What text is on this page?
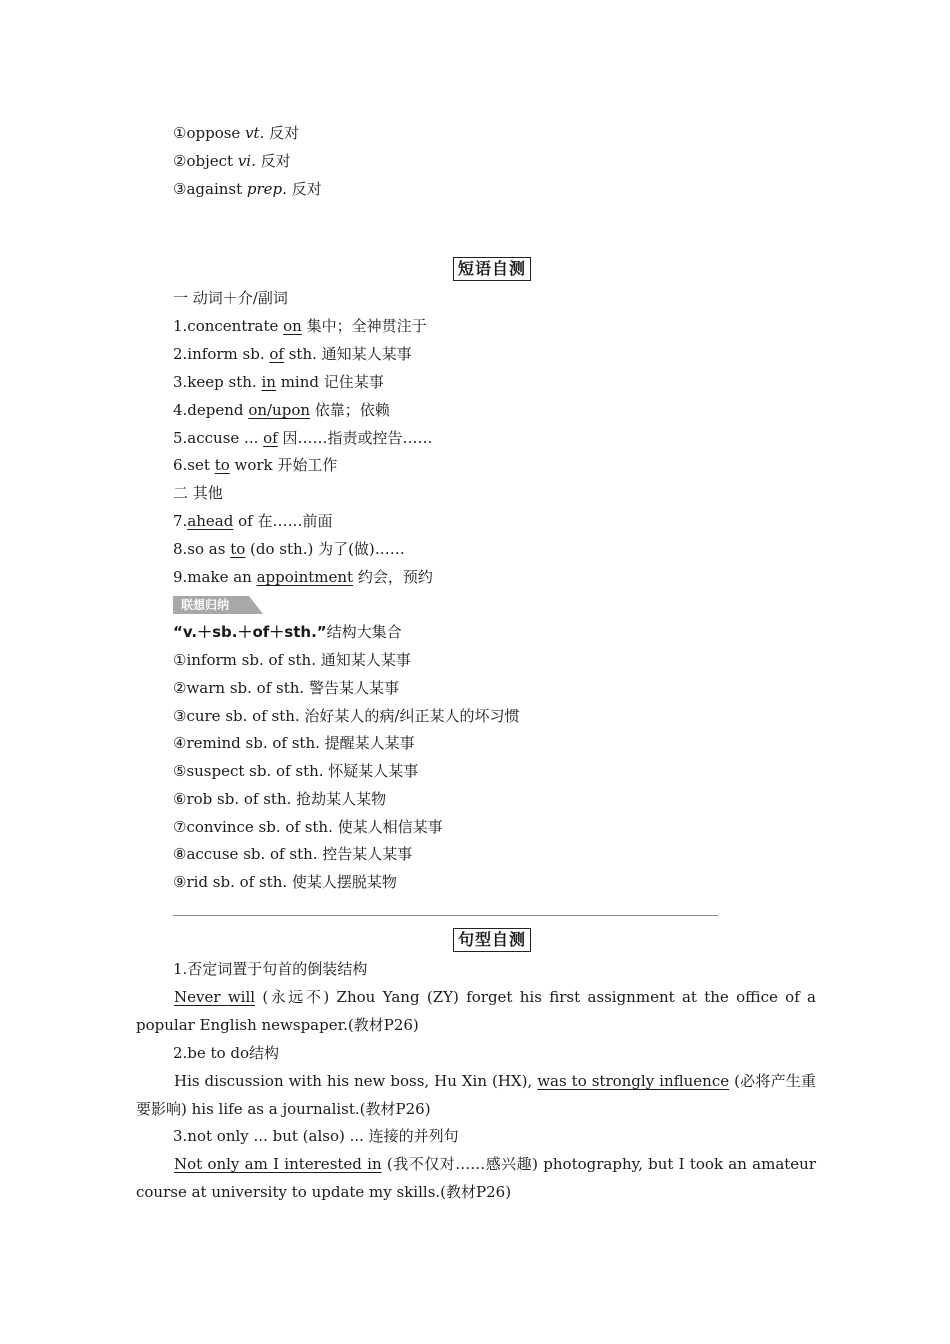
①oppose vt. 反对
②object vi. 反对
③against prep. 反对
短语自测
一 动词＋介/副词
1.concentrate on 集中；全神贯注于
2.inform sb. of sth. 通知某人某事
3.keep sth. in mind 记住某事
4.depend on/upon 依靠；依赖
5.accuse ... of 因……指责或控告……
6.set to work 开始工作
二 其他
7.ahead of 在……前面
8.so as to (do sth.) 为了(做)……
9.make an appointment 约会，预约
联想归纳
“v.＋sb.＋of＋sth.”结构大集合
①inform sb. of sth. 通知某人某事
②warn sb. of sth. 警告某人某事
③cure sb. of sth. 治好某人的病/纠正某人的坏习惯
④remind sb. of sth. 提醒某人某事
⑤suspect sb. of sth. 怀疑某人某事
⑥rob sb. of sth. 抢劫某人某物
⑦convince sb. of sth. 使某人相信某事
⑧accuse sb. of sth. 控告某人某事
⑨rid sb. of sth. 使某人摆脱某物
句型自测
1.否定词置于句首的倒装结构
Never will (永远不) Zhou Yang (ZY) forget his first assignment at the office of a popular English newspaper.(教材P26)
2.be to do结构
His discussion with his new boss, Hu Xin (HX), was to strongly influence (必将产生重要影响) his life as a journalist.(教材P26)
3.not only ... but (also) ... 连接的并列句
Not only am I interested in (我不仅对……感兴趣) photography, but I took an amateur course at university to update my skills.(教材P26)
